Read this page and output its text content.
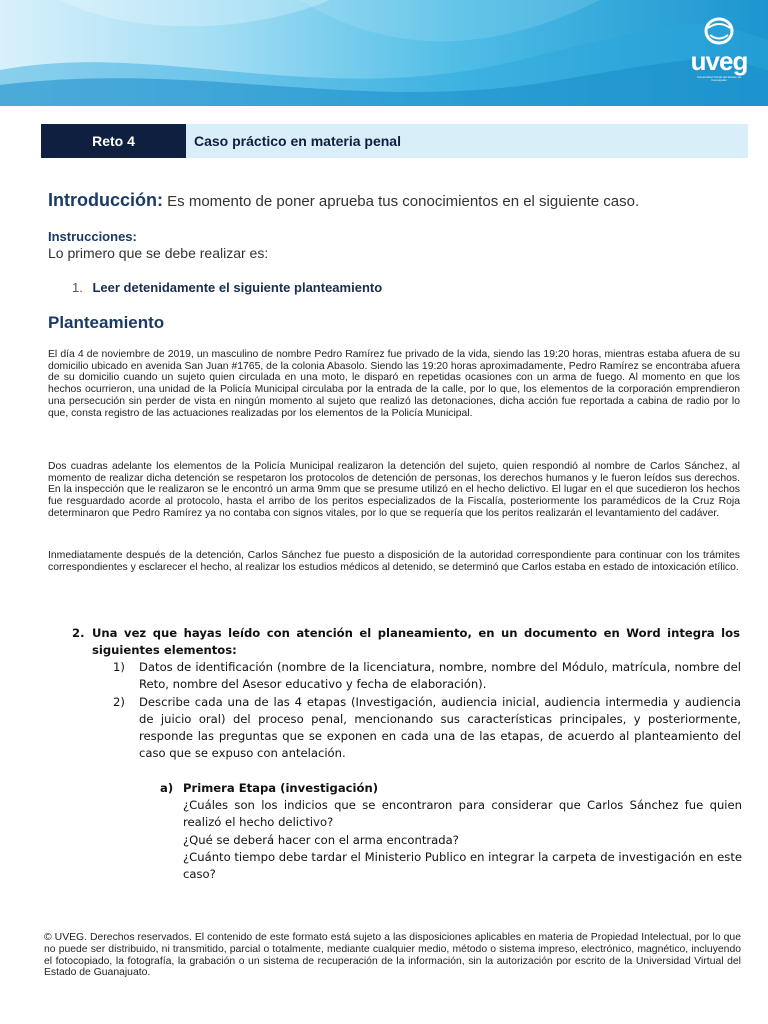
uveg
Universidad Virtual del Estado de Guanajuato
Reto 4	Caso práctico en materia penal
Introducción: Es momento de poner aprueba tus conocimientos en el siguiente caso.
Instrucciones:
Lo primero que se debe realizar es:
1. Leer detenidamente el siguiente planteamiento
Planteamiento
El día 4 de noviembre de 2019, un masculino de nombre Pedro Ramírez fue privado de la vida, siendo las 19:20 horas, mientras estaba afuera de su domicilio ubicado en avenida San Juan #1765, de la colonia Abasolo. Siendo las 19:20 horas aproximadamente, Pedro Ramírez se encontraba afuera de su domicilio cuando un sujeto quien circulada en una moto, le disparó en repetidas ocasiones con un arma de fuego. Al momento en que los hechos ocurrieron, una unidad de la Policía Municipal circulaba por la entrada de la calle, por lo que, los elementos de la corporación emprendieron una persecución sin perder de vista en ningún momento al sujeto que realizó las detonaciones, dicha acción fue reportada a cabina de radio por lo que, consta registro de las actuaciones realizadas por los elementos de la Policía Municipal.
Dos cuadras adelante los elementos de la Policía Municipal realizaron la detención del sujeto, quien respondió al nombre de Carlos Sánchez, al momento de realizar dicha detención se respetaron los protocolos de detención de personas, los derechos humanos y le fueron leídos sus derechos. En la inspección que le realizaron se le encontró un arma 9mm que se presume utilizó en el hecho delictivo. El lugar en el que sucedieron los hechos fue resguardado acorde al protocolo, hasta el arribo de los peritos especializados de la Fiscalía, posteriormente los paramédicos de la Cruz Roja determinaron que Pedro Ramírez ya no contaba con signos vitales, por lo que se requería que los peritos realizarán el levantamiento del cadáver.
Inmediatamente después de la detención, Carlos Sánchez fue puesto a disposición de la autoridad correspondiente para continuar con los trámites correspondientes y esclarecer el hecho, al realizar los estudios médicos al detenido, se determinó que Carlos estaba en estado de intoxicación etílico.
2. Una vez que hayas leído con atención el planeamiento, en un documento en Word integra los siguientes elementos:
1)	Datos de identificación (nombre de la licenciatura, nombre, nombre del Módulo, matrícula, nombre del Reto, nombre del Asesor educativo y fecha de elaboración).
2)	Describe cada una de las 4 etapas (Investigación, audiencia inicial, audiencia intermedia y audiencia de juicio oral) del proceso penal, mencionando sus características principales, y posteriormente, responde las preguntas que se exponen en cada una de las etapas, de acuerdo al planteamiento del caso que se expuso con antelación.
a) Primera Etapa (investigación)
¿Cuáles son los indicios que se encontraron para considerar que Carlos Sánchez fue quien realizó el hecho delictivo?
¿Qué se deberá hacer con el arma encontrada?
¿Cuánto tiempo debe tardar el Ministerio Publico en integrar la carpeta de investigación en este caso?
© UVEG. Derechos reservados. El contenido de este formato está sujeto a las disposiciones aplicables en materia de Propiedad Intelectual, por lo que no puede ser distribuido, ni transmitido, parcial o totalmente, mediante cualquier medio, método o sistema impreso, electrónico, magnético, incluyendo el fotocopiado, la fotografía, la grabación o un sistema de recuperación de la información, sin la autorización por escrito de la Universidad Virtual del Estado de Guanajuato.
